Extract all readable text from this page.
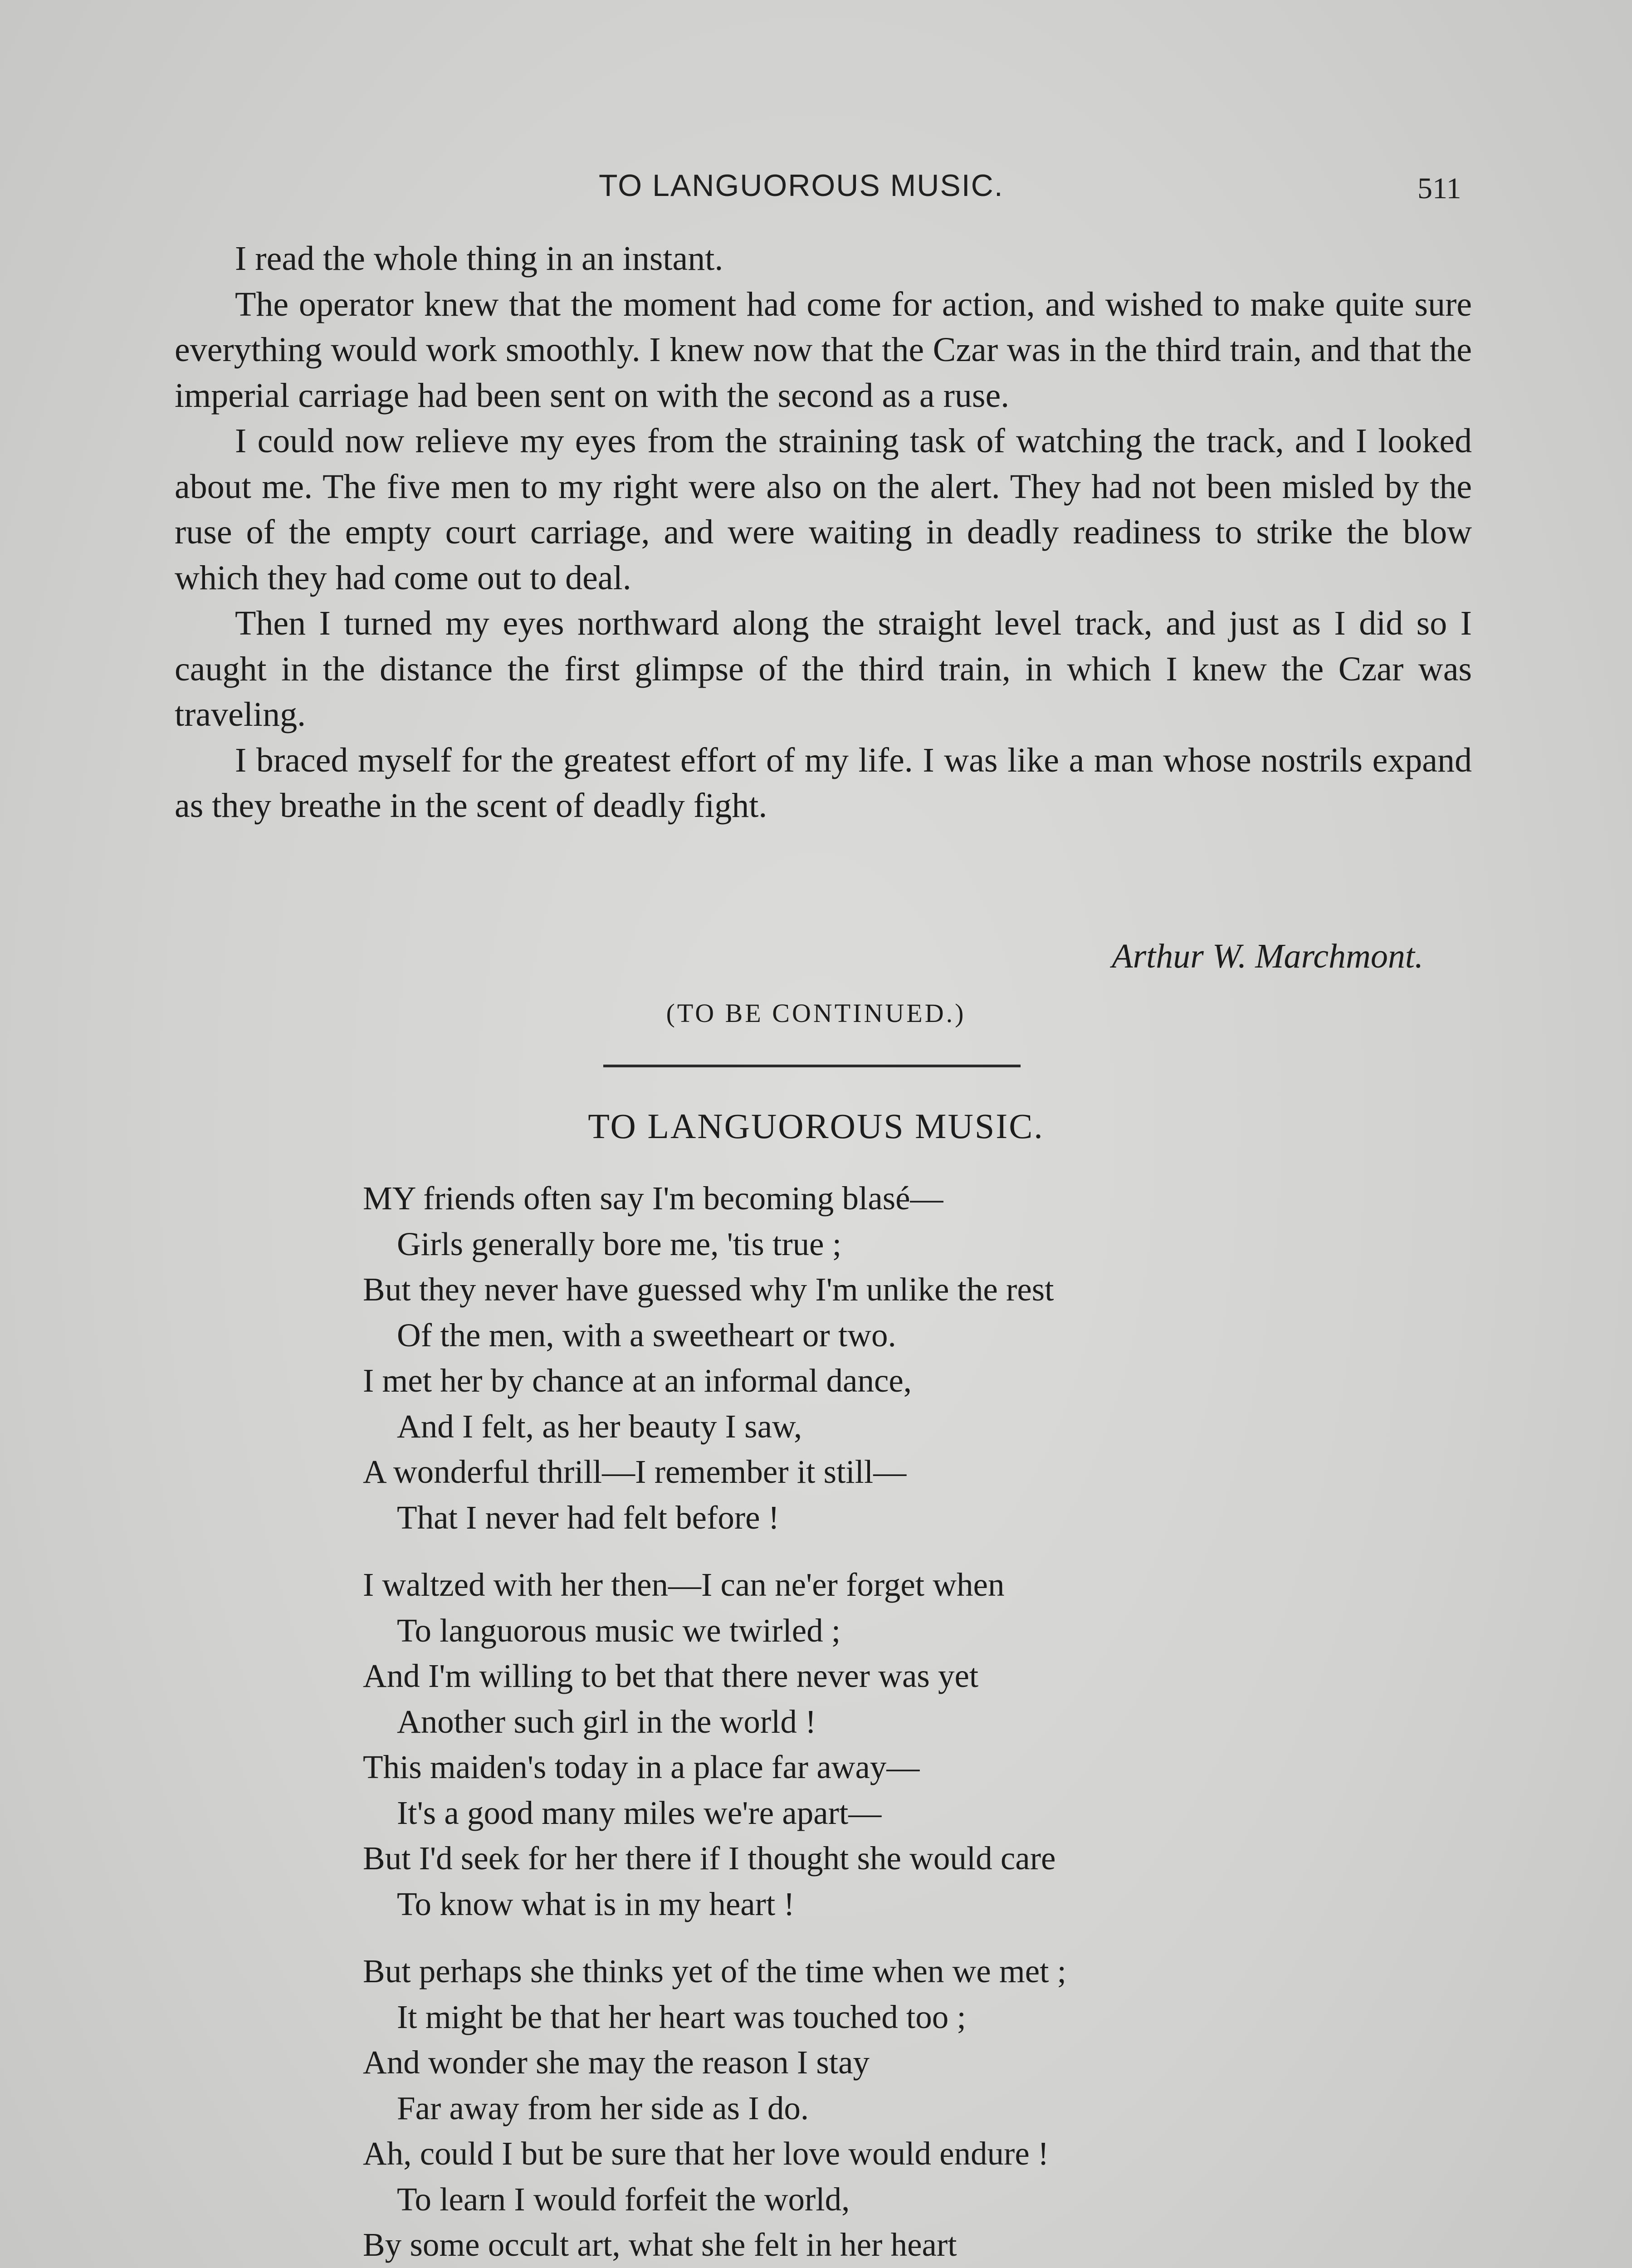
TO LANGUOROUS MUSIC.	511

I read the whole thing in an instant.

The operator knew that the moment had come for action, and wished to make quite sure everything would work smoothly. I knew now that the Czar was in the third train, and that the imperial carriage had been sent on with the second as a ruse.

I could now relieve my eyes from the straining task of watching the track, and I looked about me. The five men to my right were also on the alert. They had not been misled by the ruse of the empty court carriage, and were waiting in deadly readiness to strike the blow which they had come out to deal.

Then I turned my eyes northward along the straight level track, and just as I did so I caught in the distance the first glimpse of the third train, in which I knew the Czar was traveling.

I braced myself for the greatest effort of my life. I was like a man whose nostrils expand as they breathe in the scent of deadly fight.

Arthur W. Marchmont.
(TO BE CONTINUED.)
TO LANGUOROUS MUSIC.
MY friends often say I'm becoming blasé—
Girls generally bore me, 'tis true ;
But they never have guessed why I'm unlike the rest
Of the men, with a sweetheart or two.
I met her by chance at an informal dance,
And I felt, as her beauty I saw,
A wonderful thrill—I remember it still—
That I never had felt before !
I waltzed with her then—I can ne'er forget when
To languorous music we twirled ;
And I'm willing to bet that there never was yet
Another such girl in the world !
This maiden's today in a place far away—
It's a good many miles we're apart—
But I'd seek for her there if I thought she would care
To know what is in my heart !
But perhaps she thinks yet of the time when we met ;
It might be that her heart was touched too ;
And wonder she may the reason I stay
Far away from her side as I do.
Ah, could I but be sure that her love would endure !
To learn I would forfeit the world,
By some occult art, what she felt in her heart
